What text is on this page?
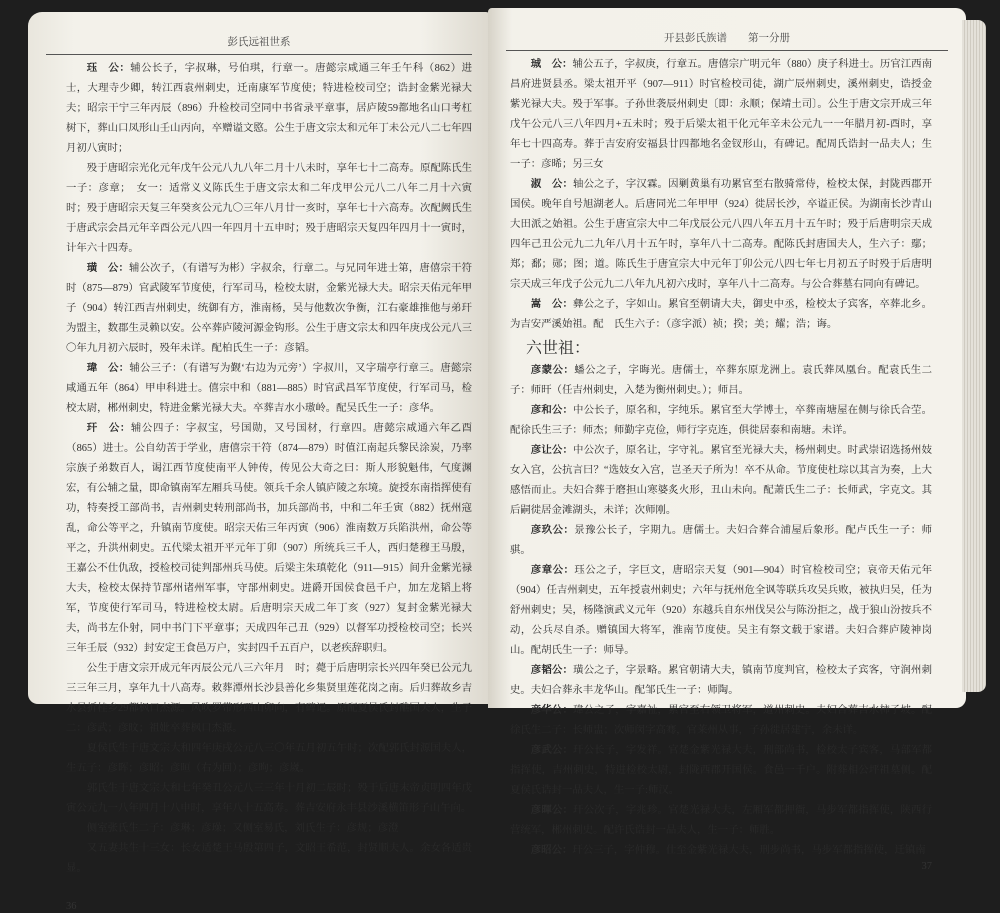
彭氏远祖世系

珏　公：辅公长子，字叔琳，号伯琪，行章一。唐懿宗咸通三年壬午科（862）进士，大理寺少卿，转江西袁州刺史，迁南康军节度使；特进检校司空；诰封金紫光禄大夫；昭宗干宁三年丙辰（896）升检校司空同中书省录平章事，居庐陵59都地名山口考杠树下，葬山口凤形山壬山丙向，卒赠谥文愍。公生于唐文宗太和元年丁未公元八二七年四月初八寅时；

殁于唐昭宗光化元年戊午公元八九八年二月十八未时，享年七十二高寿。原配陈氏生一子：彦章；　女一：适常义义陈氏生于唐文宗太和二年戊甲公元八二八年二月十六寅时；殁于唐昭宗天复三年癸亥公元九〇三年八月廿一亥时，享年七十六高寿。次配阙氏生于唐武宗会昌元年辛酉公元八四一年四月十五申时；殁于唐昭宗天复四年四月十一寅时，计年六十四寿。

璜　公：辅公次子，（有谱写为彬）字叔余，行章二。与兄同年进士第，唐僖宗干符时（875—879）官武陵军节度使，行军司马，检校太尉，金紫光禄大夫。昭宗天佑元年甲子（904）转江西吉州刺史，统御有方，淮南杨，吴与他数次争衡，江右豪雄推他与弟玕为盟主，数郡生灵赖以安。公卒葬庐陵河源金钩形。公生于唐文宗太和四年庚戌公元八三〇年九月初六辰时，殁年未详。配柏氏生一子：彦韬。

瑋　公：辅公三子：（有谱写为觐‘右边为元旁’）字叔川，又字瑞亭行章三。唐懿宗咸通五年（864）甲申科进士。僖宗中和（881—885）时官武昌军节度使，行军司马，检校太尉，郴州刺史，特进金紫光禄大夫。卒葬吉水小璈岭。配吴氏生一子：彦华。

玕　公：辅公四子：字叔宝，号国勋，又号国材，行章四。唐懿宗咸通六年乙酉（865）进士。公自幼苦于学业，唐僖宗干符（874—879）时值江南起兵黎民涂炭，乃率宗族子弟数百人，谒江西节度使南平人钟传，传见公大奇之曰：斯人形貌魁伟，气度渊宏，有公辅之量，即命镇南军左厢兵马使。领兵千余人镇庐陵之东境。旋授东南指挥使有功，特奏授工部尚书，吉州刺史转刑部尚书，加兵部尚书，中和二年壬寅（882）抚州寇乱，命公等平之，升镇南节度使。昭宗天佑三年丙寅（906）淮南数万兵陷洪州，命公等平之，升洪州刺史。五代梁太祖开平元年丁卯（907）所统兵三千人，西归楚穆王马殷，王嘉公不仕仇敌，授检校司徒判郚州兵马使。后梁主朱瑱乾化（911—915）间升金紫光禄大夫，检校太保持节郚州诸州军事，守郚州刺史。进爵开国侯食邑千户，加左龙韬上将军，节度使行军司马，特进检校太尉。后唐明宗天成二年丁亥（927）复封金紫光禄大夫，尚书左仆射，同中书门下平章事；天成四年己丑（929）以督军功授检校司空；长兴三年壬辰（932）封安定王食邑万户，实封四千五百户，以老疾辞职归。

公生于唐文宗开成元年丙辰公元八三六年月　时；薨于后唐明宗长兴四年癸已公元九三三年三月，享年九十八高寿。敕葬潭州长沙县善化乡集贤里莲花岗之南。后归葬故乡吉水县折桂乡29都枫口杰源。风吹罗带形西山卯向，有碑记。原配夏侯氏封醮国夫人，生子二：彦武；彦旼；祖妣卒葬枫口杰源。

夏侯氏生于唐文宗大和四年庚戌公元八三〇年五月初五午时；次配郭氏封源国夫人，生五子：彦晖；彦昭；彦晅（右为回）；彦昫；彦嵗。

郭氏生于唐文宗大和七年癸丑公元八三三年十月初二辰时；殁于后唐末帝贞明四年戊寅公元九一八年四月十八申时，享年八十五高寿。葬吉安府永丰县沙溪横笛形子山午向。

侧室张氏生二子：彦琳；彦璪；又侧室易氏，刘氏生子：彦规；彦澄

又五妻共生十三女：长女适楚王马殷第四子，文昭王希范，封贤顺夫人。余女各适贵显。

36
开县彭氏族谱　　第一分册

珹　公：辅公五子，字叔庚，行章五。唐僖宗广明元年（880）庚子科进士。历官江西南昌府进贤县丞。梁太祖开平（907—911）时官检校司徒，湖广辰州刺史，溪州刺史，诰授金紫光禄大夫。殁于军事。子孙世袭辰州刺史〔即：永顺；保靖土司〕。公生于唐文宗开成三年戊午公元八三八年四月+五未时；殁于后梁太祖干化元年辛未公元九一一年腊月初-酉时，享年七十四高寿。葬于吉安府安福县廿四都地名金钗形山，有碑记。配周氏诰封一品夫人；生一子：彦晞；另三女

淑　公：轴公之子，字汉霖。因剿黄巢有功累官至右散骑常侍，检校太保，封陇西郡开国侯。晚年自号旭湖老人。后唐同光二年甲甲（924）徙居长沙，卒谥正侯。为湖南长沙青山大田派之始祖。公生于唐宣宗大中二年戊辰公元八四八年五月十五午时；殁于后唐明宗天成四年己丑公元九二九年八月十五午时，享年八十二高寿。配陈氏封唐国夫人，生六子：鄢；郑；鄱；郧；图；道。陈氏生于唐宣宗大中元年丁卯公元八四七年七月初五子时殁于后唐明宗天成三年戊子公元九二八年九凡初六戌时，享年八十二高寿。与公合葬墓右同向有碑记。

嵩　公：彝公之子，字如山。累官至朝请大夫，御史中丞，检校太子宾客，卒葬北乡。为吉安严溪始祖。配　氏生六子：（彦字派）祯；揆；美；耀；浩；诲。

六世祖：

彦蒙公：蟠公之子，字晦光。唐儒士，卒葬东原龙洲上。袁氏葬凤凰台。配袁氏生二子：师旰（任吉州刺史，入楚为衡州刺史。）；师吕。

彦和公：中公长子，原名和，字纯乐。累官至大学博士，卒葬南塘屋在侧与徐氏合茔。配徐氏生三子：师杰；师勤字克俭，师行字克连，俱徙居泰和南塘。未详。

彦让公：中公次子，原名让，字守礼。累官至光禄大夫，杨州刺史。时武崇诏选扬州妓女入宫，公抗言曰？“选妓女入宫，岂圣天子所为！卒不从命。节度使杜琮以其言为奏，上大感悟而止。夫妇合葬于磨担山寒婆炙火形，丑山未向。配萧氏生二子：长师武，字克文。其后嗣徙居金滩湖头，未详；次师刚。

彦玖公：景豫公长子，字期九。唐儒士。夫妇合葬合浦屋后象形。配卢氏生一子：师骐。

彦章公：珏公之子，字巨文，唐昭宗天复（901—904）时官检校司空；哀帝天佑元年（904）任吉州刺史，五年授袁州刺史；六年与抚州危全讽等联兵攻吴兵败，被执归吴，任为舒州刺史；吴，杨隆演武义元年（920）东越兵自东州伐吴公与陈汾拒之，战于狼山汾按兵不动，公兵尽自杀。赠镇国大将军，淮南节度使。吴主有祭文载于家谱。夫妇合葬庐陵神岗山。配胡氏生一子：师导。

彦韬公：璜公之子，字景略。累官朝请大夫，镇南节度判官，检校太子宾客，守润州刺史。夫妇合葬永丰龙华山。配邹氏生一子：师陶。

彦华公：瑋公之子，字嘉祉，累官至右领卫将军，道州刺史。夫妇合葬吉水柿子坡。配徐氏生二子：长师盅；次师闵字高骞，官莱州从事，子孙徙居建宁，余未详。

彦武公：玕公长子，字发祥。官楚金紫光禄大夫，刑部尚书，检校太子宾客，马部军都指挥使，吉州刺史，特进检校太尉，封陇西郡开国侯。食邑一千户。附葬相公坪祖墓侧。配夏侯氏诰封一品夫人，生一子:师汉。

彦暉公：玕公次子，字兆珍。官楚光禄大夫，左厢军都押衙，马步军都指挥使，陕西行营统军，郴州刺史。配许氏诰封一品夫人，生一子：师胜。

彦昭公：玕公三子，字仲穆。仕至金紫光禄大夫，刑步尚书，马步军都指挥使，迁镇南

37
